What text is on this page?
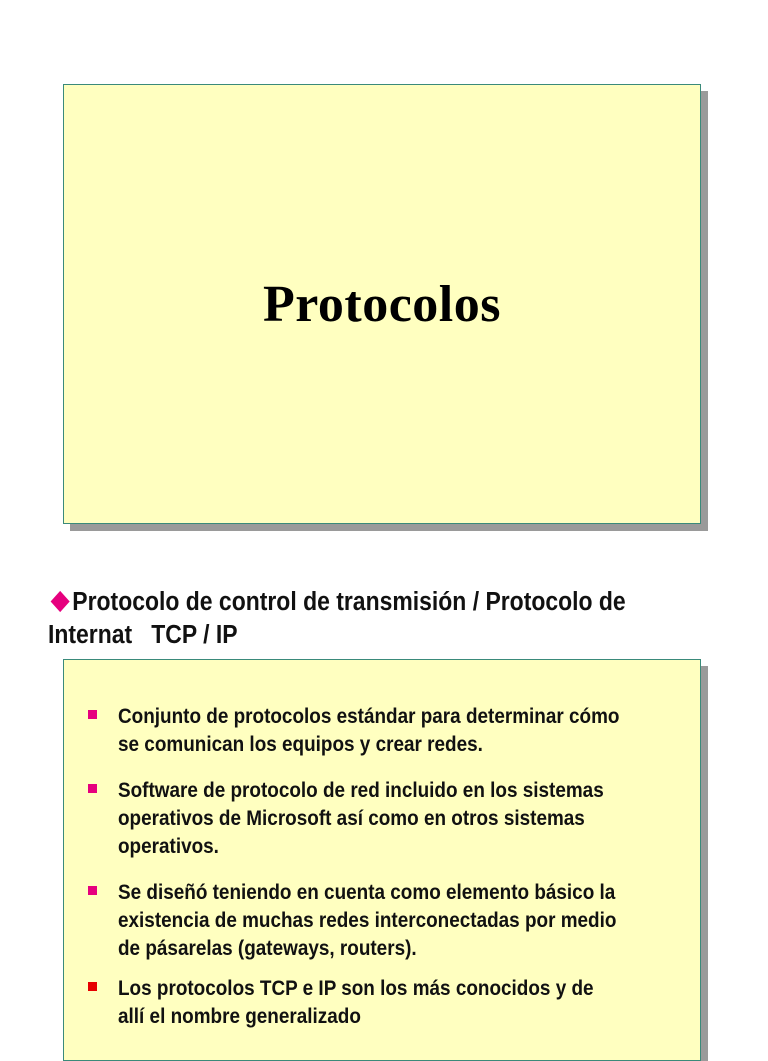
Protocolos
Protocolo de control de transmisión / Protocolo de
Internat   TCP / IP
Conjunto de protocolos estándar para determinar cómo
se comunican los equipos y crear redes.
Software de protocolo de red incluido en los sistemas
operativos de Microsoft así como en otros sistemas
operativos.
Se diseñó teniendo en cuenta como elemento básico la
existencia de muchas redes interconectadas por medio
de pásarelas (gateways, routers).
Los protocolos TCP e IP son los más conocidos y de
allí el nombre generalizado
